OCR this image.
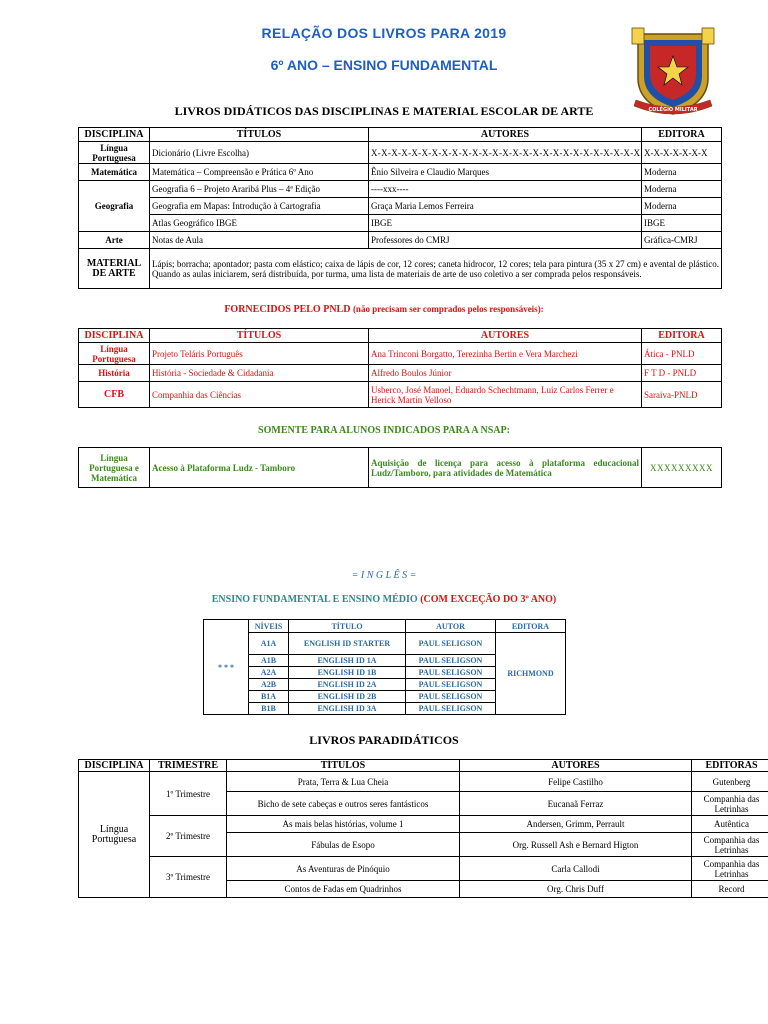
RELAÇÃO DOS LIVROS PARA 2019
6º ANO – ENSINO FUNDAMENTAL
COLÉGIO MILITAR
LIVROS DIDÁTICOS DAS DISCIPLINAS E MATERIAL ESCOLAR DE ARTE
DISCIPLINA	TÍTULOS	AUTORES	EDITORA
Língua Portuguesa	Dicionário (Livre Escolha)	X-X-X-X-X-X-X-X-X-X-X-X-X-X-X-X-X-X-X-X-X-X-X-X-X-X-X	X-X-X-X-X-X-X
Matemática	Matemática – Compreensão e Prática 6º Ano	Ênio Silveira e Claudio Marques	Moderna
Geografia	Geografia 6 – Projeto Araribá Plus – 4ª Edição	----xxx----	Moderna
	Geografia em Mapas: Introdução à Cartografia	Graça Maria Lemos Ferreira	Moderna
	Atlas Geográfico IBGE	IBGE	IBGE
Arte	Notas de Aula	Professores do CMRJ	Gráfica-CMRJ
MATERIAL DE ARTE	Lápis; borracha; apontador; pasta com elástico; caixa de lápis de cor, 12 cores; caneta hidrocor, 12 cores; tela para pintura (35 x 27 cm) e avental de plástico. Quando as aulas iniciarem, será distribuída, por turma, uma lista de materiais de arte de uso coletivo a ser comprada pelos responsáveis.		
FORNECIDOS PELO PNLD (não precisam ser comprados pelos responsáveis):
DISCIPLINA	TÍTULOS	AUTORES	EDITORA
Língua Portuguesa	Projeto Teláris Português	Ana Trinconi Borgatto, Terezinha Bertin e Vera Marchezi	Ática - PNLD
História	História - Sociedade & Cidadania	Alfredo Boulos Júnior	F T D - PNLD
CFB	Companhia das Ciências	Usberco, José Manoel, Eduardo Schechtmann, Luiz Carlos Ferrer e Herick Martin Velloso	Saraiva-PNLD
SOMENTE PARA ALUNOS INDICADOS PARA A NSAP:
Língua Portuguesa e Matemática	Acesso à Plataforma Ludz - Tamboro	Aquisição de licença para acesso à plataforma educacional Ludz/Tamboro, para atividades de Matemática	XXXXXXXXX
= I N G L Ê S =
ENSINO FUNDAMENTAL E ENSINO MÉDIO (COM EXCEÇÃO DO 3º ANO)
* * *	NÍVEIS	TÍTULO	AUTOR	EDITORA
	A1A	ENGLISH ID STARTER	PAUL SELIGSON	RICHMOND
	A1B	ENGLISH ID 1A	PAUL SELIGSON	
	A2A	ENGLISH ID 1B	PAUL SELIGSON	
	A2B	ENGLISH ID 2A	PAUL SELIGSON	
	B1A	ENGLISH ID 2B	PAUL SELIGSON	
	B1B	ENGLISH ID 3A	PAUL SELIGSON	
LIVROS PARADIDÁTICOS
DISCIPLINA	TRIMESTRE	TÍTULOS	AUTORES	EDITORAS
Língua Portuguesa	1º Trimestre	Prata, Terra & Lua Cheia	Felipe Castilho	Gutenberg
		Bicho de sete cabeças e outros seres fantásticos	Eucanaã Ferraz	Companhia das Letrinhas
	2º Trimestre	As mais belas histórias, volume 1	Andersen, Grimm, Perrault	Autêntica
		Fábulas de Esopo	Org. Russell Ash e Bernard Higton	Companhia das Letrinhas
	3º Trimestre	As Aventuras de Pinóquio	Carla Callodi	Companhia das Letrinhas
		Contos de Fadas em Quadrinhos	Org. Chris Duff	Record
